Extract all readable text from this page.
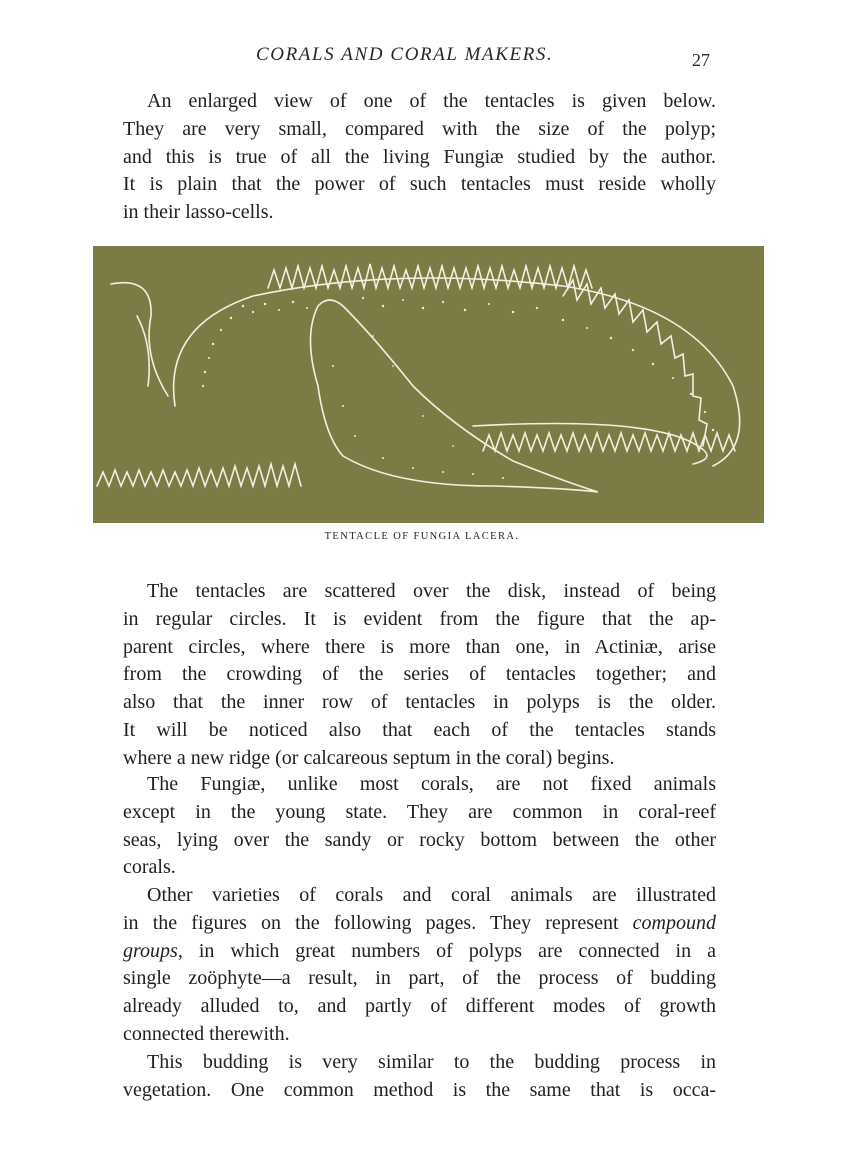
CORALS AND CORAL MAKERS.	27

An enlarged view of one of the tentacles is given below.
They are very small, compared with the size of the polyp;
and this is true of all the living Fungiæ studied by the author.
It is plain that the power of such tentacles must reside wholly
in their lasso-cells.

TENTACLE OF FUNGIA LACERA.

The tentacles are scattered over the disk, instead of being
in regular circles. It is evident from the figure that the ap-
parent circles, where there is more than one, in Actiniæ, arise
from the crowding of the series of tentacles together; and
also that the inner row of tentacles in polyps is the older.
It will be noticed also that each of the tentacles stands
where a new ridge (or calcareous septum in the coral) begins.

The Fungiæ, unlike most corals, are not fixed animals
except in the young state. They are common in coral-reef
seas, lying over the sandy or rocky bottom between the other
corals.

Other varieties of corals and coral animals are illustrated
in the figures on the following pages. They represent compound
groups, in which great numbers of polyps are connected in a
single zoöphyte—a result, in part, of the process of budding
already alluded to, and partly of different modes of growth
connected therewith.

This budding is very similar to the budding process in
vegetation. One common method is the same that is occa-
